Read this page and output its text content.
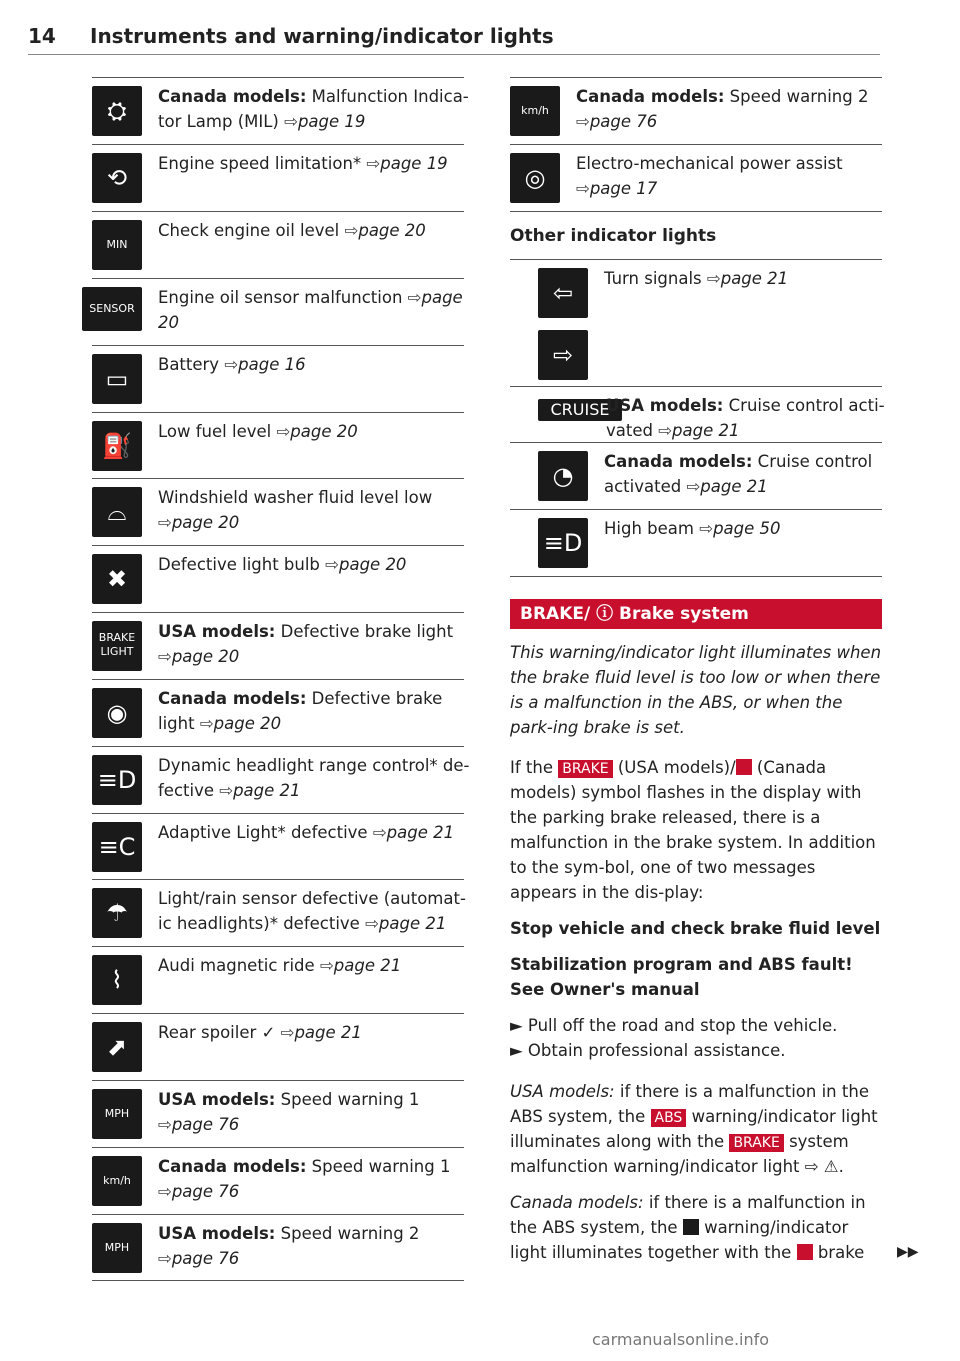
14 Instruments and warning/indicator lights
⛭
Canada models: Malfunction Indica-tor Lamp (MIL) ⇨page 19
⟲
Engine speed limitation* ⇨page 19
MIN
Check engine oil level ⇨page 20
SENSOR
Engine oil sensor malfunction ⇨page 20
▭
Battery ⇨page 16
⛽
Low fuel level ⇨page 20
⌓
Windshield washer fluid level low ⇨page 20
✖
Defective light bulb ⇨page 20
BRAKE LIGHT
USA models: Defective brake light ⇨page 20
◉
Canada models: Defective brake light ⇨page 20
≡D
Dynamic headlight range control* de-fective ⇨page 21
≡C
Adaptive Light* defective ⇨page 21
☂
Light/rain sensor defective (automat-ic headlights)* defective ⇨page 21
⌇
Audi magnetic ride ⇨page 21
⬈
Rear spoiler ✓ ⇨page 21
MPH
USA models: Speed warning 1 ⇨page 76
km/h
Canada models: Speed warning 1 ⇨page 76
MPH
USA models: Speed warning 2 ⇨page 76
km/h
Canada models: Speed warning 2 ⇨page 76
◎
Electro-mechanical power assist ⇨page 17
Other indicator lights
⇦
⇨
Turn signals ⇨page 21
CRUISE
USA models: Cruise control acti-vated ⇨page 21
◔
Canada models: Cruise control activated ⇨page 21
≡D
High beam ⇨page 50
BRAKE/ ⓘ Brake system
This warning/indicator light illuminates when the brake fluid level is too low or when there is a malfunction in the ABS, or when the park-ing brake is set.
If the BRAKE (USA models)/ (Canada models) symbol flashes in the display with the parking brake released, there is a malfunction in the brake system. In addition to the sym-bol, one of two messages appears in the dis-play:
Stop vehicle and check brake fluid level
Stabilization program and ABS fault! See Owner's manual
► Pull off the road and stop the vehicle.
► Obtain professional assistance.
USA models: if there is a malfunction in the ABS system, the ABS warning/indicator light illuminates along with the BRAKE system malfunction warning/indicator light ⇨ ⚠.
Canada models: if there is a malfunction in the ABS system, the  warning/indicator light illuminates together with the  brake	▶▶
carmanualsonline.info
